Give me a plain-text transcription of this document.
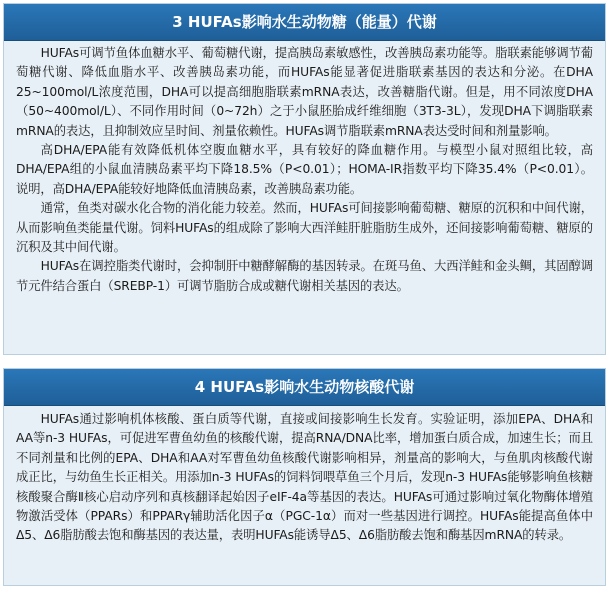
3 HUFAs影响水生动物糖（能量）代谢

HUFAs可调节鱼体血糖水平、葡萄糖代谢，提高胰岛素敏感性，改善胰岛素功能等。脂联素能够调节葡萄糖代谢、降低血脂水平、改善胰岛素功能，而HUFAs能显著促进脂联素基因的表达和分泌。在DHA 25~100mol/L浓度范围，DHA可以提高细胞脂联素mRNA表达，改善糖脂代谢。但是，用不同浓度DHA（50~400mol/L）、不同作用时间（0~72h）之于小鼠胚胎成纤维细胞（3T3-3L），发现DHA下调脂联素mRNA的表达，且抑制效应呈时间、剂量依赖性。HUFAs调节脂联素mRNA表达受时间和剂量影响。

高DHA/EPA能有效降低机体空腹血糖水平，具有较好的降血糖作用。与模型小鼠对照组比较，高DHA/EPA组的小鼠血清胰岛素平均下降18.5%（P<0.01）；HOMA-IR指数平均下降35.4%（P<0.01）。说明，高DHA/EPA能较好地降低血清胰岛素，改善胰岛素功能。

通常，鱼类对碳水化合物的消化能力较差。然而，HUFAs可间接影响葡萄糖、糖原的沉积和中间代谢，从而影响鱼类能量代谢。饲料HUFAs的组成除了影响大西洋鲑肝脏脂肪生成外，还间接影响葡萄糖、糖原的沉积及其中间代谢。

HUFAs在调控脂类代谢时，会抑制肝中糖酵解酶的基因转录。在斑马鱼、大西洋鲑和金头鲷，其固醇调节元件结合蛋白（SREBP-1）可调节脂肪合成或糖代谢相关基因的表达。

4 HUFAs影响水生动物核酸代谢

HUFAs通过影响机体核酸、蛋白质等代谢，直接或间接影响生长发育。实验证明，添加EPA、DHA和AA等n-3 HUFAs，可促进军曹鱼幼鱼的核酸代谢，提高RNA/DNA比率，增加蛋白质合成，加速生长；而且不同剂量和比例的EPA、DHA和AA对军曹鱼幼鱼核酸代谢影响相异，剂量高的影响大，与鱼肌肉核酸代谢成正比，与幼鱼生长正相关。用添加n-3 HUFAs的饲料饲喂草鱼三个月后，发现n-3 HUFAs能够影响鱼核糖核酸聚合酶Ⅱ核心启动序列和真核翻译起始因子eIF-4a等基因的表达。HUFAs可通过影响过氧化物酶体增殖物激活受体（PPARs）和PPARγ辅助活化因子α（PGC-1α）而对一些基因进行调控。HUFAs能提高鱼体中Δ5、Δ6脂肪酸去饱和酶基因的表达量，表明HUFAs能诱导Δ5、Δ6脂肪酸去饱和酶基因mRNA的转录。
